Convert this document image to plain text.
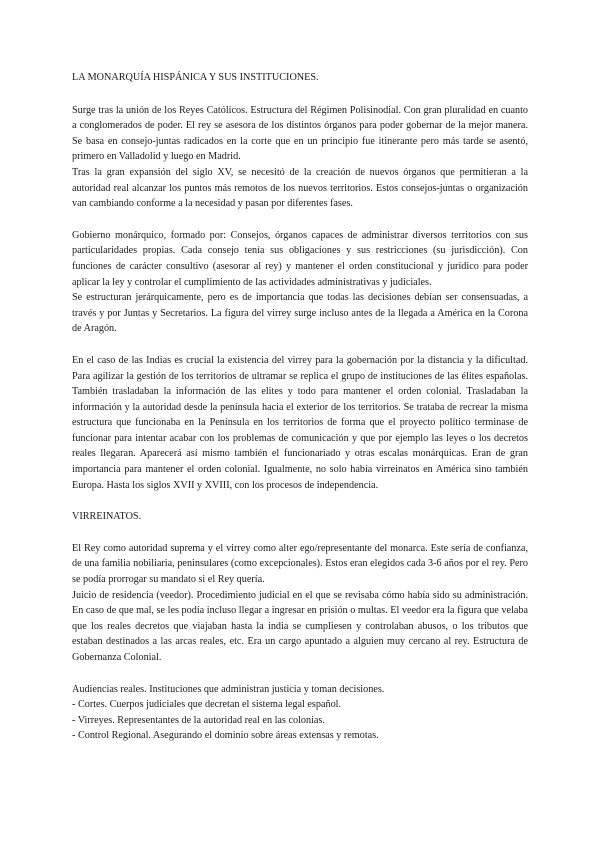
LA MONARQUÍA HISPÁNICA Y SUS INSTITUCIONES.

Surge tras la unión de los Reyes Católicos. Estructura del Régimen Polisinodial. Con gran pluralidad en cuanto a conglomerados de poder. El rey se asesora de los distintos órganos para poder gobernar de la mejor manera. Se basa en consejo-juntas radicados en la corte que en un principio fue itinerante pero más tarde se asentó, primero en Valladolid y luego en Madrid.

Tras la gran expansión del siglo XV, se necesitó de la creación de nuevos órganos que permitieran a la autoridad real alcanzar los puntos más remotos de los nuevos territorios. Estos consejos-juntas o organización van cambiando conforme a la necesidad y pasan por diferentes fases.

Gobierno monárquico, formado por: Consejos, órganos capaces de administrar diversos territorios con sus particularidades propias. Cada consejo tenía sus obligaciones y sus restricciones (su jurisdicción). Con funciones de carácter consultivo (asesorar al rey) y mantener el orden constitucional y jurídico para poder aplicar la ley y controlar el cumplimiento de las actividades administrativas y judiciales.

Se estructuran jerárquicamente, pero es de importancia que todas las decisiones debían ser consensuadas, a través y por Juntas y Secretarios. La figura del virrey surge incluso antes de la llegada a América en la Corona de Aragón.

En el caso de las Indias es crucial la existencia del virrey para la gobernación por la distancia y la dificultad. Para agilizar la gestión de los territorios de ultramar se replica el grupo de instituciones de las élites españolas. También trasladaban la información de las elites y todo para mantener el orden colonial. Trasladaban la información y la autoridad desde la península hacia el exterior de los territorios. Se trataba de recrear la misma estructura que funcionaba en la Península en los territorios de forma que el proyecto político terminase de funcionar para intentar acabar con los problemas de comunicación y que por ejemplo las leyes o los decretos reales llegaran. Aparecerá así mismo también el funcionariado y otras escalas monárquicas. Eran de gran importancia para mantener el orden colonial. Igualmente, no solo había virreinatos en América sino también Europa. Hasta los siglos XVII y XVIII, con los procesos de independencia.

VIRREINATOS.

El Rey como autoridad suprema y el virrey como alter ego/representante del monarca. Este sería de confianza, de una familia nobiliaria, peninsulares (como excepcionales). Estos eran elegidos cada 3-6 años por el rey. Pero se podía prorrogar su mandato si el Rey quería.

Juicio de residencia (veedor). Procedimiento judicial en el que se revisaba cómo había sido su administración. En caso de que mal, se les podía incluso llegar a ingresar en prisión o multas. El veedor era la figura que velaba que los reales decretos que viajaban hasta la india se cumpliesen y controlaban abusos, o los tributos que estaban destinados a las arcas reales, etc. Era un cargo apuntado a alguien muy cercano al rey. Estructura de Gobernanza Colonial.

Audiencias reales. Instituciones que administran justicia y toman decisiones.

- Cortes. Cuerpos judiciales que decretan el sistema legal español.
- Virreyes. Representantes de la autoridad real en las colonias.
- Control Regional. Asegurando el dominio sobre áreas extensas y remotas.
